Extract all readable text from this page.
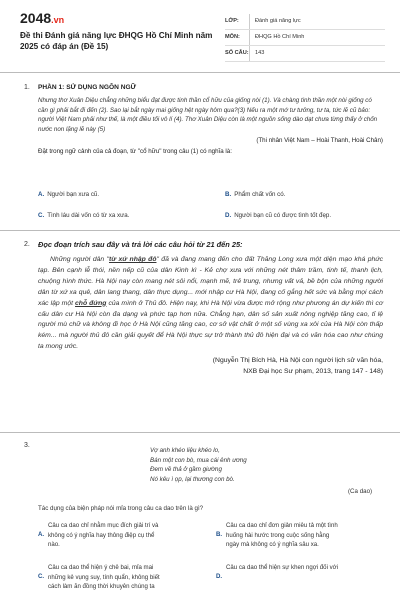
2048.vn
Đề thi Đánh giá năng lực ĐHQG Hồ Chí Minh năm 2025 có đáp án (Đề 15)
LỚP:	Đánh giá năng lực
MÔN:	ĐHQG Hồ Chí Minh
SỐ CÂU: 143
1. PHẦN 1: SỬ DỤNG NGÔN NGỮ
Nhưng thơ Xuân Diệu chẳng những biểu đạt được tinh thần cổ hữu của giống nòi (1). Và chàng tinh thần một nòi giống có cần gì phải bắt đi đến (2). Sao lại bắt ngày mai giống hệt ngày hôm qua?(3) Nếu ra một mớ tư tưởng, tư ta, tức lẽ cũ bảo: người Việt Nam phải như thế, là một điều tối vô lí (4). Thơ Xuân Diệu còn là một nguồn sống dào dạt chưa từng thấy ở chốn nước non lặng lẽ này (5)
(Thi nhân Việt Nam – Hoài Thanh, Hoài Chân)
Đặt trong ngữ cảnh của cả đoạn, từ "cổ hữu" trong câu (1) có nghĩa là:
A. Người bạn xưa cũ.	B. Phẩm chất vốn có.
C. Tình láu dài vốn có từ xa xưa.	D. Người bạn cũ có được tình tốt đẹp.
2. Đọc đoạn trích sau đây và trả lời các câu hỏi từ 21 đến 25:
Những người dân "từ xứ nhập đô" đã và đang mang đến cho đất Thăng Long xưa một diện mạo khá phức tạp. Bên cạnh lễ thói, nền nếp cũ của dân Kinh kì - Kẻ chợ xưa với những nét thâm trầm, tinh tế, thanh lịch, chuộng hình thức. Hà Nội nay còn mang nét sôi nổi, mạnh mẽ, trẻ trung, nhưng vất vả, bề bộn của những người dân từ xứ xa quê, dân lang thang, dân thực dụng... mới nhập cư Hà Nội, đang cố gắng hết sức và bằng mọi cách xác lập một chỗ đứng của mình ở Thủ đô. Hiện nay, khi Hà Nội vừa được mở rộng như phương án dự kiến thì cơ cấu dân cư Hà Nội còn đa dạng và phức tạp hơn nữa. Chẳng hạn, dân số sản xuất nông nghiệp tăng cao, tỉ lệ người mù chữ và không đi học ở Hà Nội cũng tăng cao, cơ sở vật chất ở một số vùng xa xôi của Hà Nội còn thấp kém... mà người thủ đô cần giải quyết để Hà Nội thực sự trở thành thủ đô hiện đại và có văn hóa cao như chúng ta mong ước.
(Nguyễn Thị Bích Hà, Hà Nội con người lịch sử văn hóa,
NXB Đại học Sư phạm, 2013, trang 147 - 148)
3.
Vợ anh khéo liệu khéo lo,
Bán một con bò, mua cái ênh ương
Đem về thả ở gầm giường
Nó kêu ì ọp, lại thương con bò.
(Ca dao)
Tác dụng của biện pháp nói mỉa trong câu ca dao trên là gì?
A.
Câu ca dao chỉ nhằm mục đích giải trí và
không có ý nghĩa hay thông điệp cụ thể
nào.
B.
Câu ca dao chỉ đơn giản miêu tả một tình
huống hài hước trong cuộc sống hằng
ngày mà không có ý nghĩa sâu xa.
C.
Câu ca dao thể hiện ý chê bai, mỉa mai
những kẻ vụng suy, tính quẩn, không biết
cách làm ăn đồng thời khuyên chúng ta
D.
Câu ca dao thể hiện sự khen ngợi đối với
